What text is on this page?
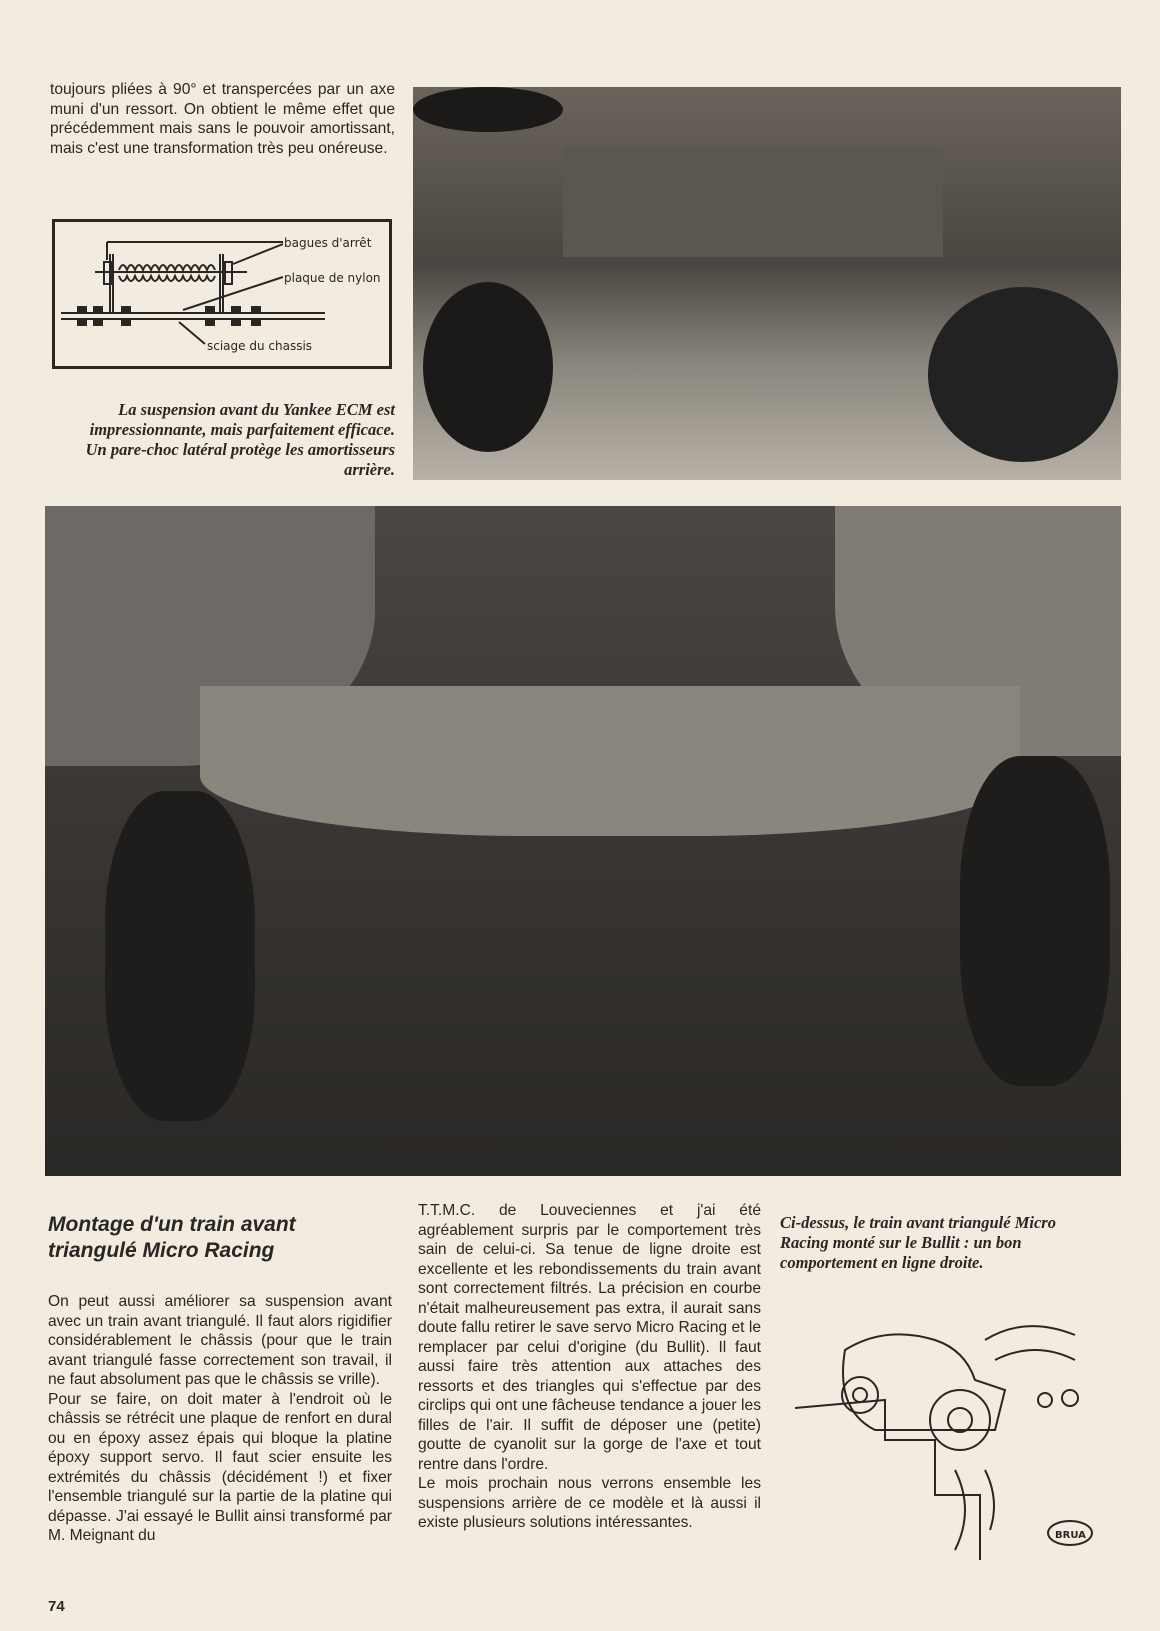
toujours pliées à 90° et transpercées par un axe muni d'un ressort. On obtient le même effet que précédemment mais sans le pouvoir amortissant, mais c'est une transformation très peu onéreuse.

bagues d'arrêt
plaque de nylon
sciage du chassis
La suspension avant du Yankee ECM est impressionnante, mais parfaitement efficace. Un pare-choc latéral protège les amortisseurs arrière.
Montage d'un train avant
triangulé Micro Racing

On peut aussi améliorer sa suspension avant avec un train avant triangulé. Il faut alors rigidifier considérablement le châssis (pour que le train avant triangulé fasse correctement son travail, il ne faut absolument pas que le châssis se vrille).

Pour se faire, on doit mater à l'endroit où le châssis se rétrécit une plaque de renfort en dural ou en époxy assez épais qui bloque la platine époxy support servo. Il faut scier ensuite les extrémités du châssis (décidément !) et fixer l'ensemble triangulé sur la partie de la platine qui dépasse. J'ai essayé le Bullit ainsi transformé par M. Meignant du

T.T.M.C. de Louveciennes et j'ai été agréablement surpris par le comportement très sain de celui-ci. Sa tenue de ligne droite est excellente et les rebondissements du train avant sont correctement filtrés. La précision en courbe n'était malheureusement pas extra, il aurait sans doute fallu retirer le save servo Micro Racing et le remplacer par celui d'origine (du Bullit). Il faut aussi faire très attention aux attaches des ressorts et des triangles qui s'effectue par des circlips qui ont une fâcheuse tendance a jouer les filles de l'air. Il suffit de déposer une (petite) goutte de cyanolit sur la gorge de l'axe et tout rentre dans l'ordre.

Le mois prochain nous verrons ensemble les suspensions arrière de ce modèle et là aussi il existe plusieurs solutions intéressantes.

Ci-dessus, le train avant triangulé Micro Racing monté sur le Bullit : un bon comportement en ligne droite.
BRUA
74
